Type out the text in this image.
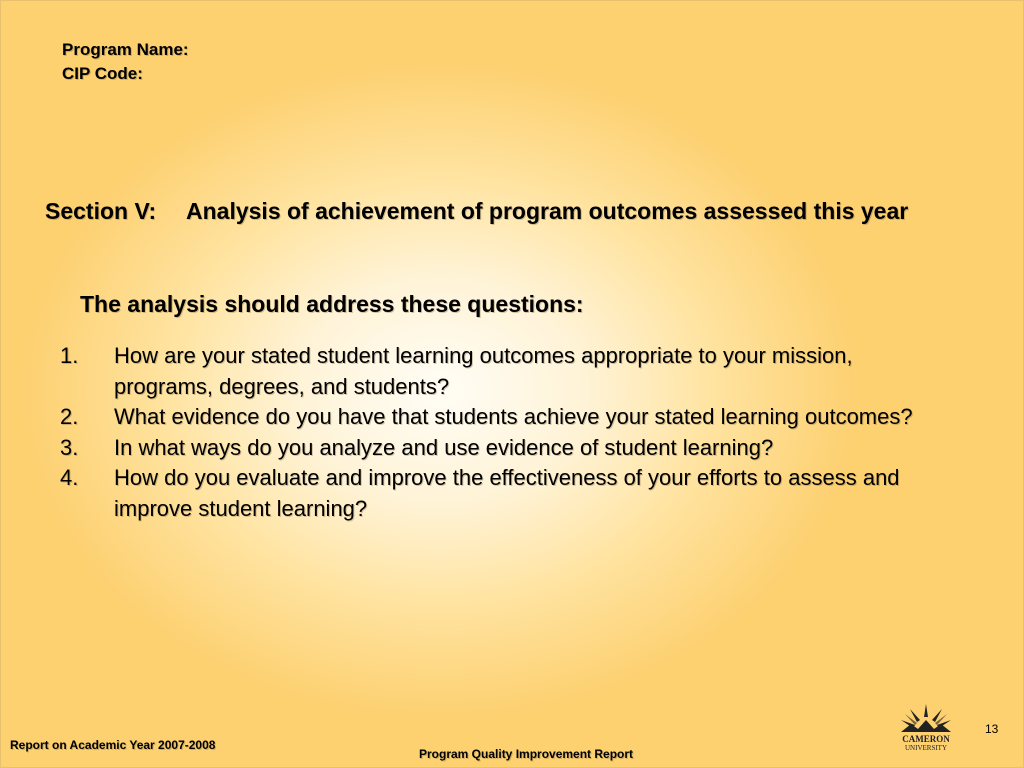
Program Name:
CIP Code:
Section V: Analysis of achievement of program outcomes assessed this year
The analysis should address these questions:
1. How are your stated student learning outcomes appropriate to your mission, programs, degrees, and students?
2. What evidence do you have that students achieve your stated learning outcomes?
3. In what ways do you analyze and use evidence of student learning?
4. How do you evaluate and improve the effectiveness of your efforts to assess and improve student learning?
Report on Academic Year 2007-2008
Program Quality Improvement Report
13
CAMERON
UNIVERSITY
